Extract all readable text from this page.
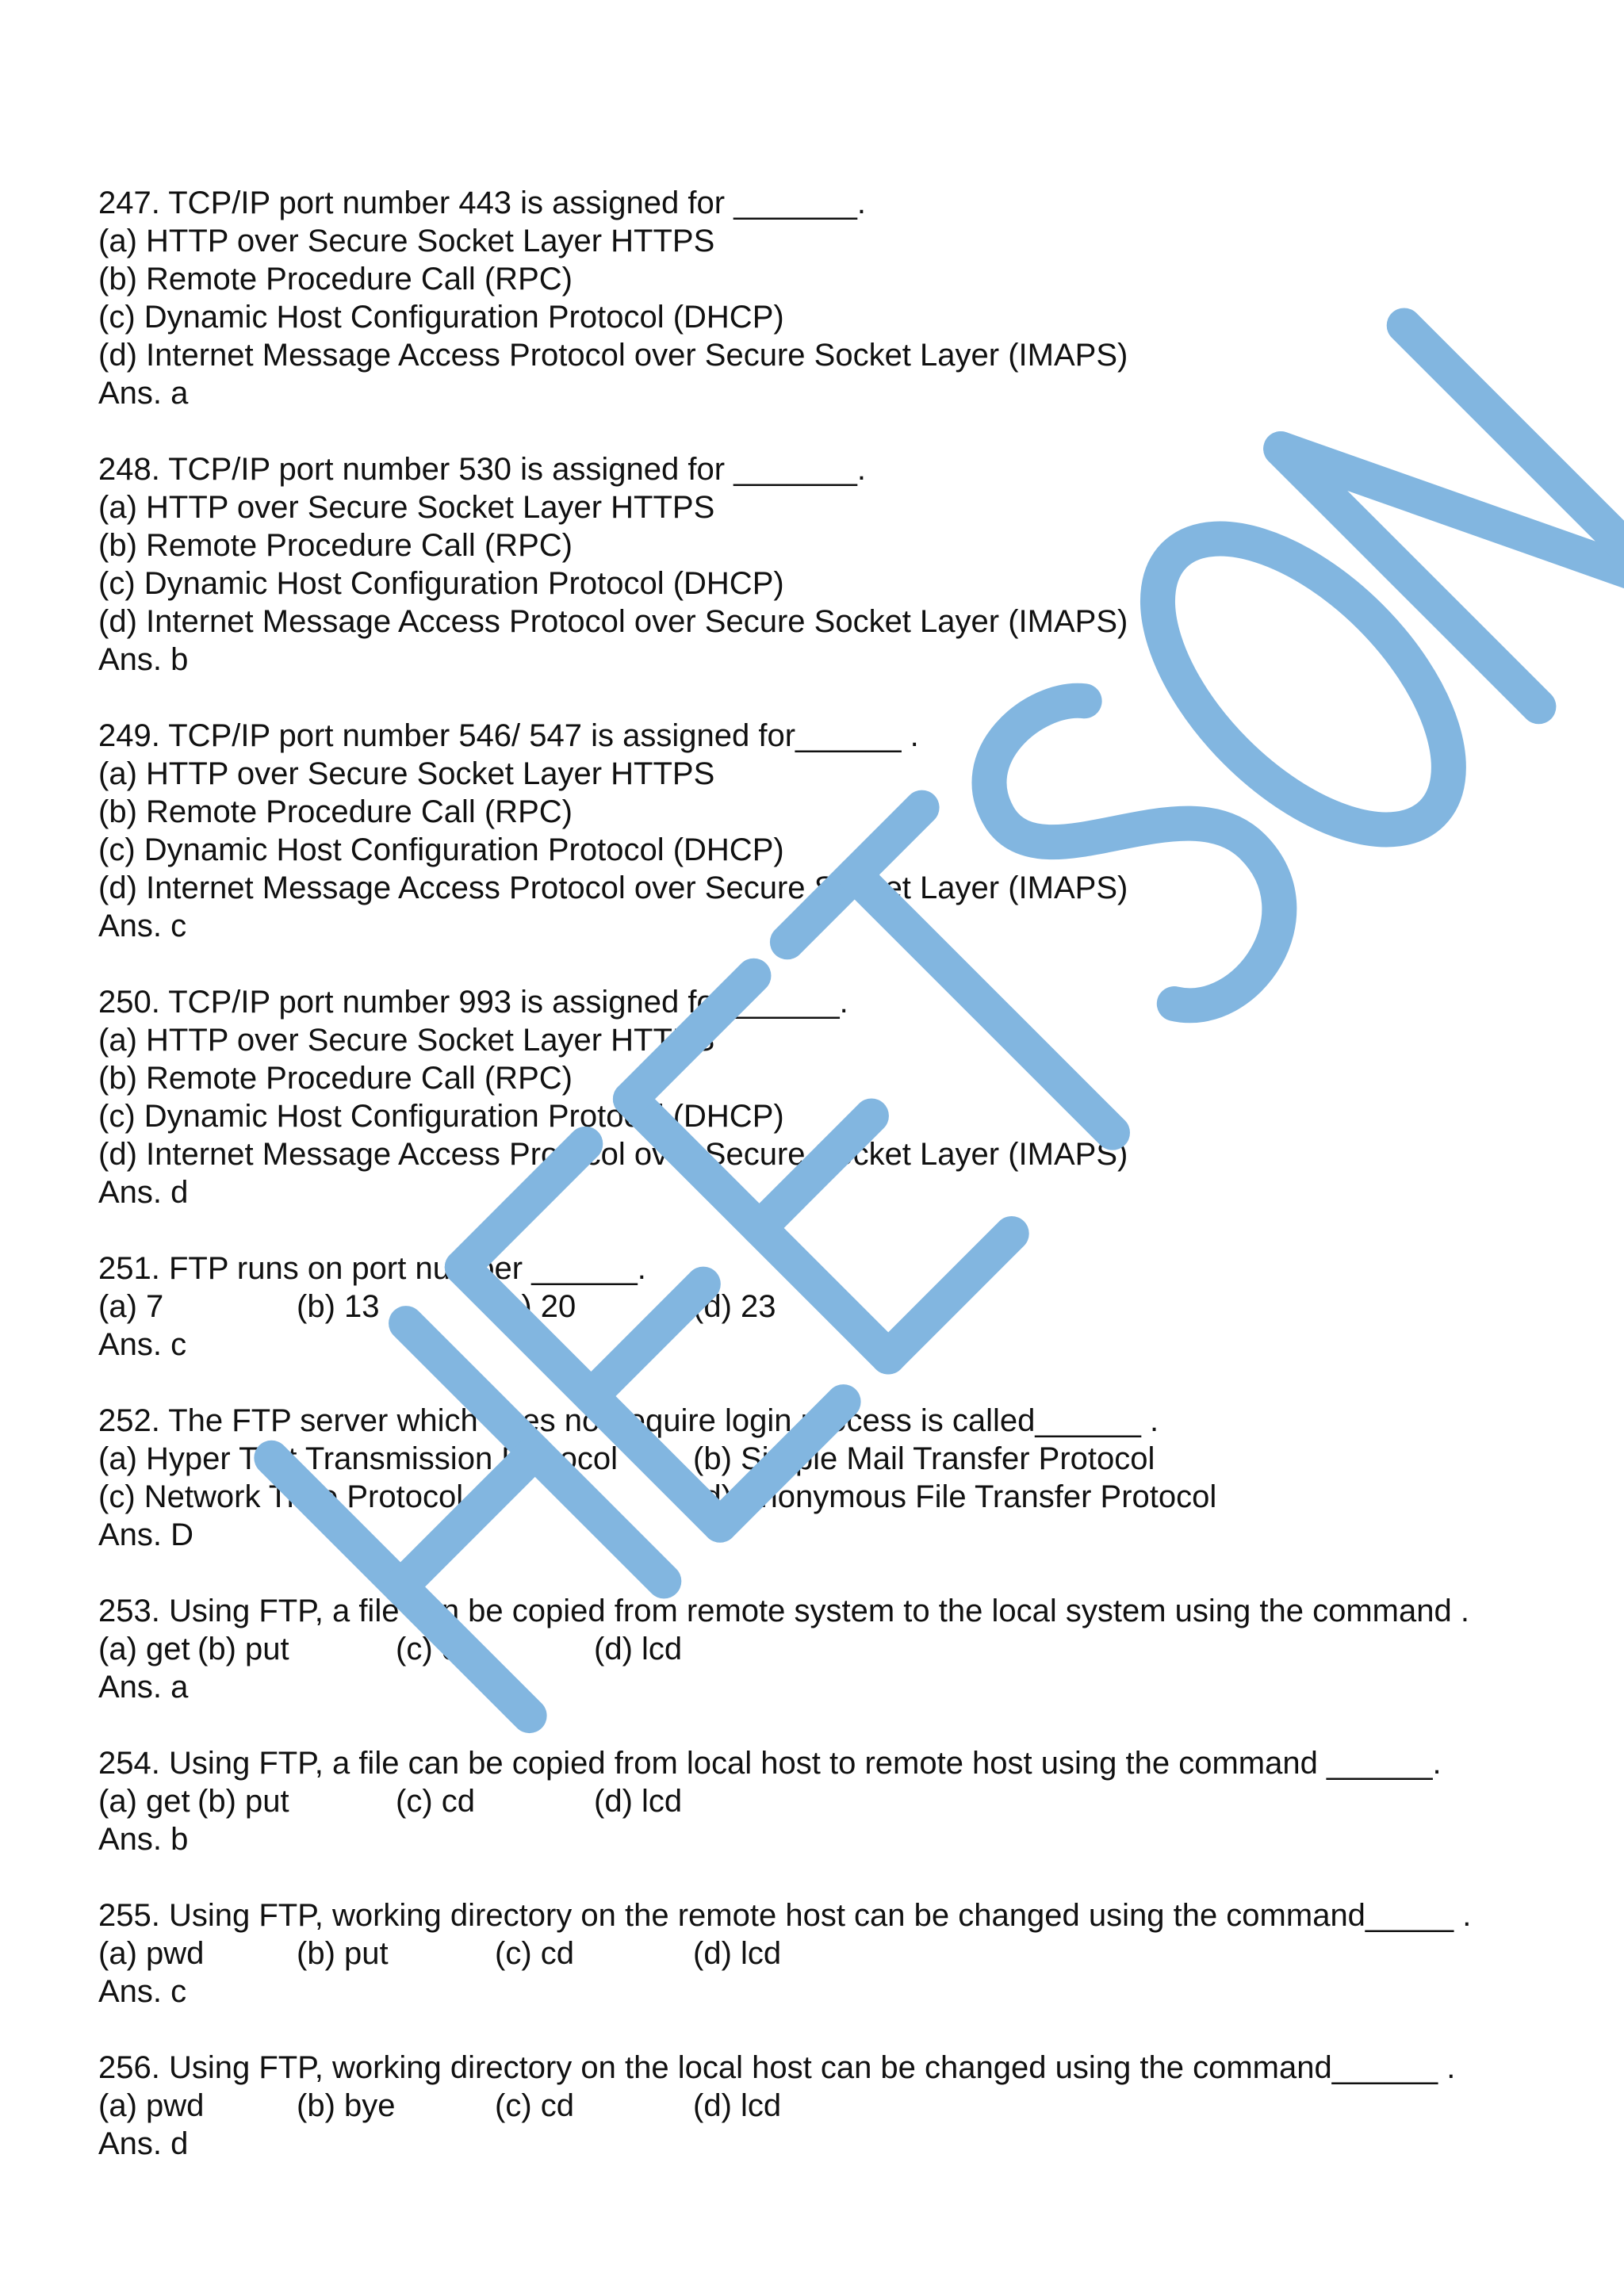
247. TCP/IP port number 443 is assigned for _______.
(a) HTTP over Secure Socket Layer HTTPS
(b) Remote Procedure Call (RPC)
(c) Dynamic Host Configuration Protocol (DHCP)
(d) Internet Message Access Protocol over Secure Socket Layer (IMAPS)
Ans. a
248. TCP/IP port number 530 is assigned for _______.
(a) HTTP over Secure Socket Layer HTTPS
(b) Remote Procedure Call (RPC)
(c) Dynamic Host Configuration Protocol (DHCP)
(d) Internet Message Access Protocol over Secure Socket Layer (IMAPS)
Ans. b
249. TCP/IP port number 546/ 547 is assigned for______ .
(a) HTTP over Secure Socket Layer HTTPS
(b) Remote Procedure Call (RPC)
(c) Dynamic Host Configuration Protocol (DHCP)
(d) Internet Message Access Protocol over Secure Socket Layer (IMAPS)
Ans. c
250. TCP/IP port number 993 is assigned for ______.
(a) HTTP over Secure Socket Layer HTTPS
(b) Remote Procedure Call (RPC)
(c) Dynamic Host Configuration Protocol (DHCP)
(d) Internet Message Access Protocol over Secure Socket Layer (IMAPS)
Ans. d
251. FTP runs on port number ______.
(a) 7	(b) 13	(c) 20	(d) 23
Ans. c
252. The FTP server which does not require login process is called______ .
(a) Hyper Text Transmission Protocol	(b) Simple Mail Transfer Protocol
(c) Network Time Protocol	(d) Anonymous File Transfer Protocol
Ans. D
253. Using FTP, a file can be copied from remote system to the local system using the command .
(a) get (b) put	(c) cd	(d) lcd
Ans. a
254. Using FTP, a file can be copied from local host to remote host using the command ______.
(a) get (b) put	(c) cd	(d) lcd
Ans. b
255. Using FTP, working directory on the remote host can be changed using the command_____ .
(a) pwd	(b) put	(c) cd	(d) lcd
Ans. c
256. Using FTP, working directory on the local host can be changed using the command______ .
(a) pwd	(b) bye	(c) cd	(d) lcd
Ans. d
